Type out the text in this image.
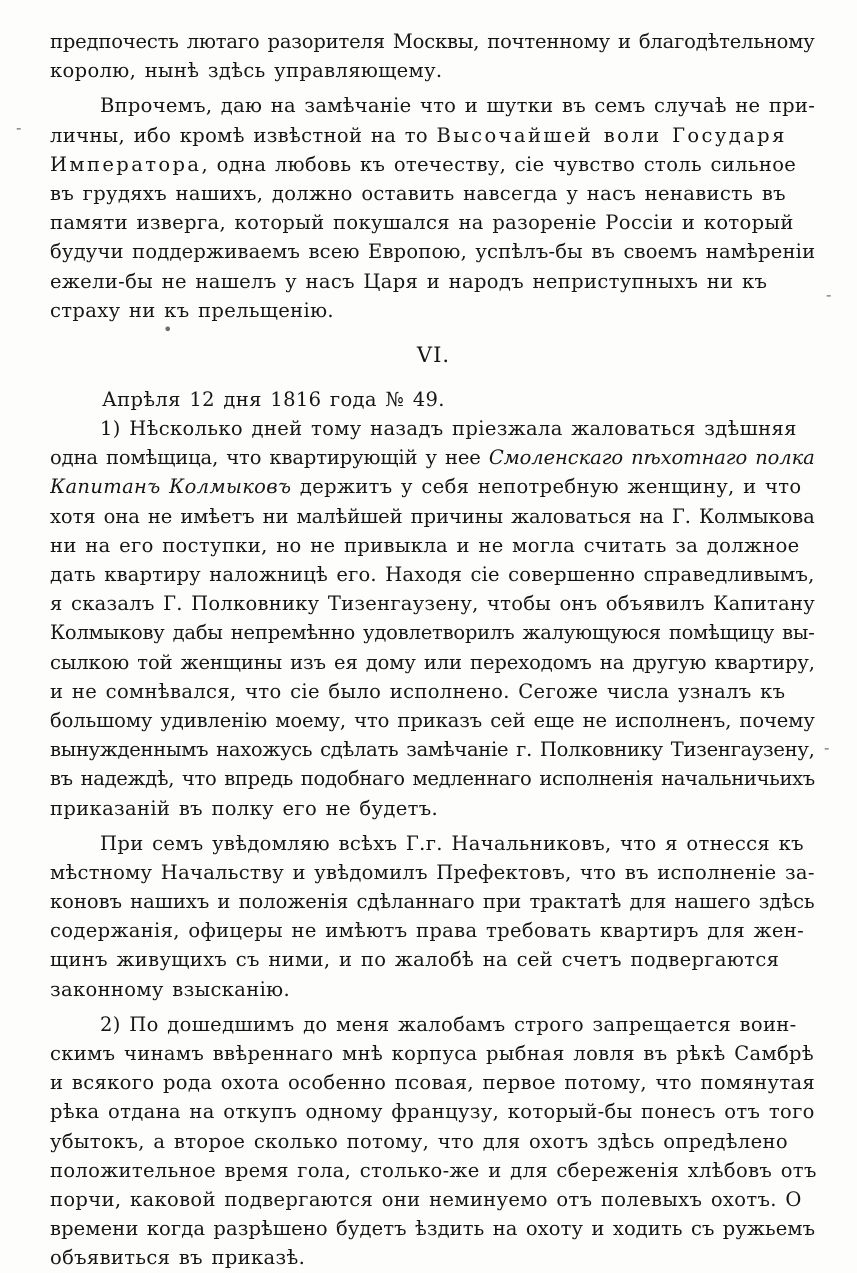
-
-
•
-
предпочесть лютаго разорителя Москвы, почтенному и благодѣтельному
королю, нынѣ здѣсь управляющему.
Впрочемъ, даю на замѣчаніе что и шутки въ семъ случаѣ не при-
личны, ибо кромѣ извѣстной на то Высочайшей воли Государя
Императора, одна любовь къ отечеству, сіе чувство столь сильное
въ грудяхъ нашихъ, должно оставить навсегда у насъ ненависть въ
памяти изверга, который покушался на разореніе Россіи и который
будучи поддерживаемъ всею Европою, успѣлъ-бы въ своемъ намѣреніи
ежели-бы не нашелъ у насъ Царя и народъ неприступныхъ ни къ
страху ни къ прельщенію.
VI.
Апрѣля 12 дня 1816 года № 49.
1) Нѣсколько дней тому назадъ пріезжала жаловаться здѣшняя
одна помѣщица, что квартирующій у нее Смоленскаго пѣхотнаго полка
Капитанъ Колмыковъ держитъ у себя непотребную женщину, и что
хотя она не имѣетъ ни малѣйшей причины жаловаться на Г. Колмыкова
ни на его поступки, но не привыкла и не могла считать за должное
дать квартиру наложницѣ его. Находя сіе совершенно справедливымъ,
я сказалъ Г. Полковнику Тизенгаузену, чтобы онъ объявилъ Капитану
Колмыкову дабы непремѣнно удовлетворилъ жалующуюся помѣщицу вы-
сылкою той женщины изъ ея дому или переходомъ на другую квартиру,
и не сомнѣвался, что сіе было исполнено. Сегоже числа узналъ къ
большому удивленію моему, что приказъ сей еще не исполненъ, почему
вынужденнымъ нахожусь сдѣлать замѣчаніе г. Полковнику Тизенгаузену,
въ надеждѣ, что впредь подобнаго медленнаго исполненія начальничьихъ
приказаній въ полку его не будетъ.
При семъ увѣдомляю всѣхъ Г.г. Начальниковъ, что я отнесся къ
мѣстному Начальству и увѣдомилъ Префектовъ, что въ исполненіе за-
коновъ нашихъ и положенія сдѣланнаго при трактатѣ для нашего здѣсь
содержанія, офицеры не имѣютъ права требовать квартиръ для жен-
щинъ живущихъ съ ними, и по жалобѣ на сей счетъ подвергаются
законному взысканію.
2) По дошедшимъ до меня жалобамъ строго запрещается воин-
скимъ чинамъ ввѣреннаго мнѣ корпуса рыбная ловля въ рѣкѣ Самбрѣ
и всякого рода охота особенно псовая, первое потому, что помянутая
рѣка отдана на откупъ одному французу, который-бы понесъ отъ того
убытокъ, а второе сколько потому, что для охотъ здѣсь опредѣлено
положительное время гола, столько-же и для сбереженія хлѣбовъ отъ
порчи, каковой подвергаются они неминуемо отъ полевыхъ охотъ. О
времени когда разрѣшено будетъ ѣздить на охоту и ходить съ ружьемъ
объявиться въ приказѣ.
